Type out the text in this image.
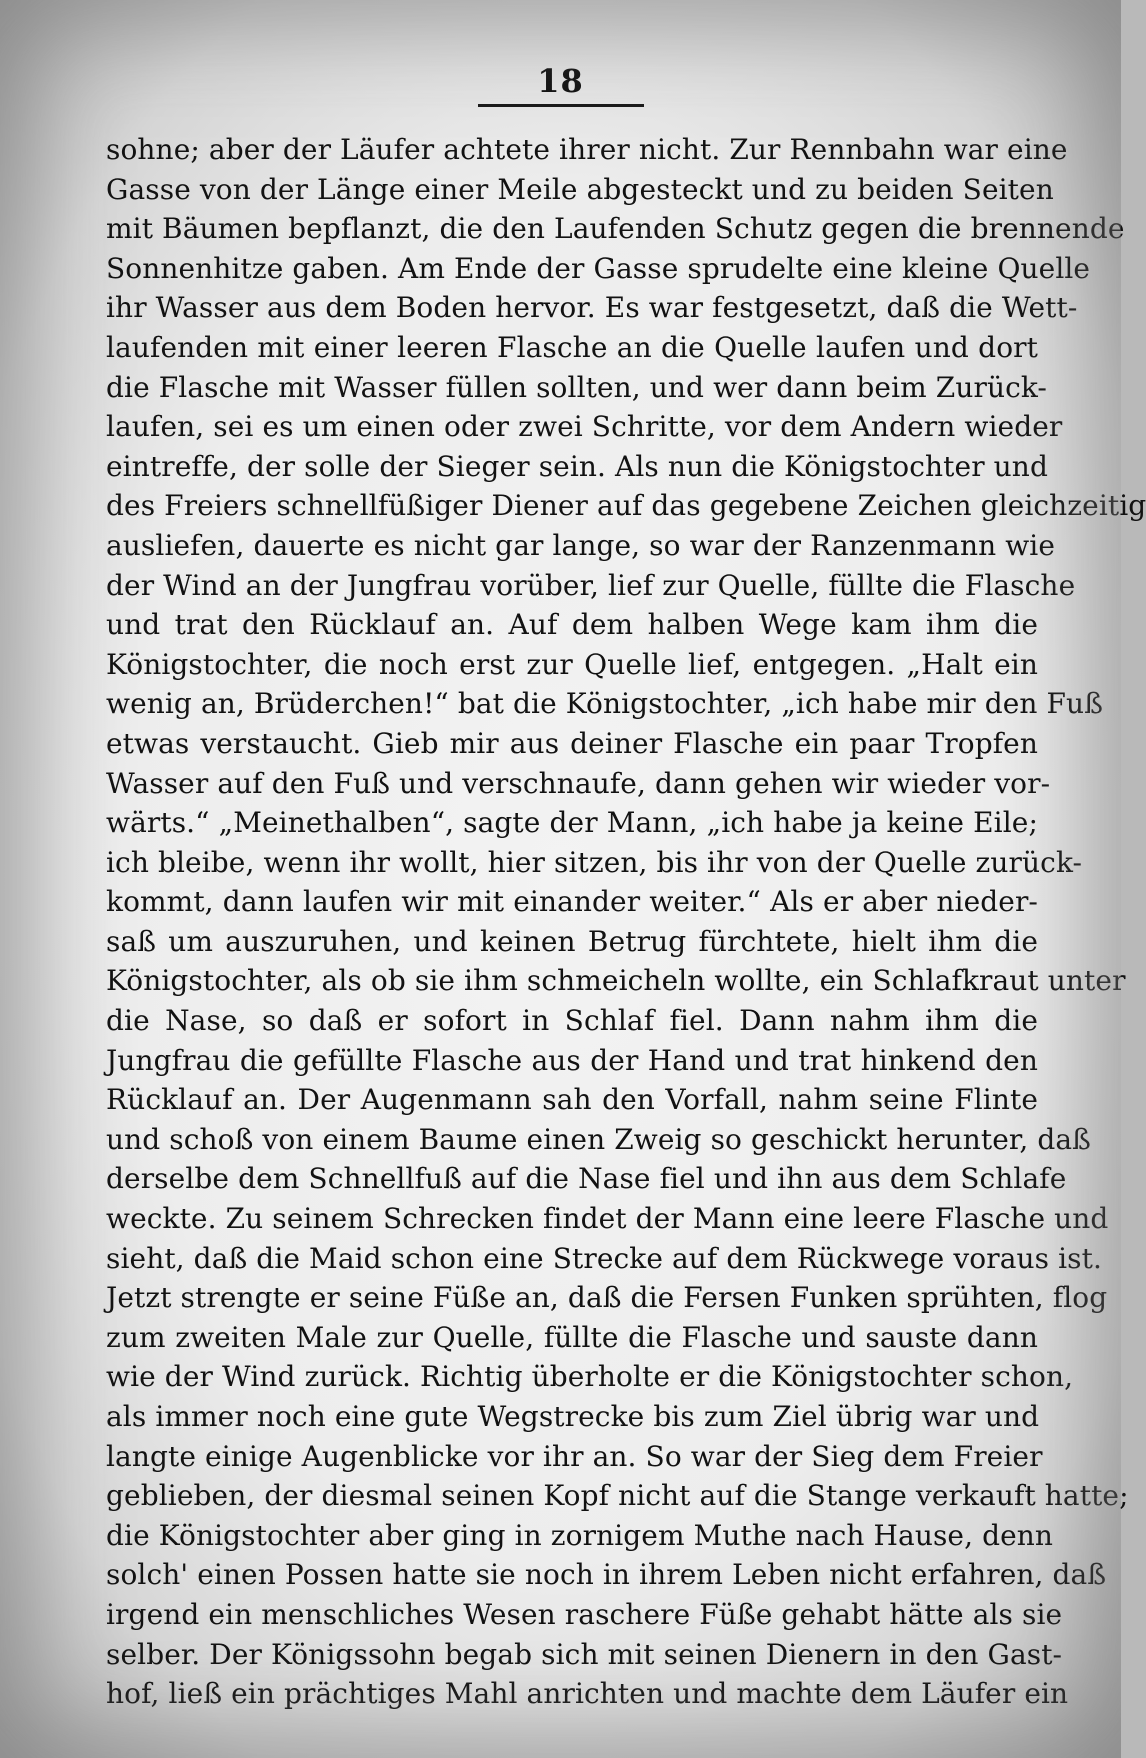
18
sohne; aber der Läufer achtete ihrer nicht. Zur Rennbahn war eine
Gasse von der Länge einer Meile abgesteckt und zu beiden Seiten
mit Bäumen bepflanzt, die den Laufenden Schutz gegen die brennende
Sonnenhitze gaben. Am Ende der Gasse sprudelte eine kleine Quelle
ihr Wasser aus dem Boden hervor. Es war festgesetzt, daß die Wett-
laufenden mit einer leeren Flasche an die Quelle laufen und dort
die Flasche mit Wasser füllen sollten, und wer dann beim Zurück-
laufen, sei es um einen oder zwei Schritte, vor dem Andern wieder
eintreffe, der solle der Sieger sein. Als nun die Königstochter und
des Freiers schnellfüßiger Diener auf das gegebene Zeichen gleichzeitig
ausliefen, dauerte es nicht gar lange, so war der Ranzenmann wie
der Wind an der Jungfrau vorüber, lief zur Quelle, füllte die Flasche
und trat den Rücklauf an. Auf dem halben Wege kam ihm die
Königstochter, die noch erst zur Quelle lief, entgegen. „Halt ein
wenig an, Brüderchen!“ bat die Königstochter, „ich habe mir den Fuß
etwas verstaucht. Gieb mir aus deiner Flasche ein paar Tropfen
Wasser auf den Fuß und verschnaufe, dann gehen wir wieder vor-
wärts.“ „Meinethalben“, sagte der Mann, „ich habe ja keine Eile;
ich bleibe, wenn ihr wollt, hier sitzen, bis ihr von der Quelle zurück-
kommt, dann laufen wir mit einander weiter.“ Als er aber nieder-
saß um auszuruhen, und keinen Betrug fürchtete, hielt ihm die
Königstochter, als ob sie ihm schmeicheln wollte, ein Schlafkraut unter
die Nase, so daß er sofort in Schlaf fiel. Dann nahm ihm die
Jungfrau die gefüllte Flasche aus der Hand und trat hinkend den
Rücklauf an. Der Augenmann sah den Vorfall, nahm seine Flinte
und schoß von einem Baume einen Zweig so geschickt herunter, daß
derselbe dem Schnellfuß auf die Nase fiel und ihn aus dem Schlafe
weckte. Zu seinem Schrecken findet der Mann eine leere Flasche und
sieht, daß die Maid schon eine Strecke auf dem Rückwege voraus ist.
Jetzt strengte er seine Füße an, daß die Fersen Funken sprühten, flog
zum zweiten Male zur Quelle, füllte die Flasche und sauste dann
wie der Wind zurück. Richtig überholte er die Königstochter schon,
als immer noch eine gute Wegstrecke bis zum Ziel übrig war und
langte einige Augenblicke vor ihr an. So war der Sieg dem Freier
geblieben, der diesmal seinen Kopf nicht auf die Stange verkauft hatte;
die Königstochter aber ging in zornigem Muthe nach Hause, denn
solch' einen Possen hatte sie noch in ihrem Leben nicht erfahren, daß
irgend ein menschliches Wesen raschere Füße gehabt hätte als sie
selber. Der Königssohn begab sich mit seinen Dienern in den Gast-
hof, ließ ein prächtiges Mahl anrichten und machte dem Läufer ein
